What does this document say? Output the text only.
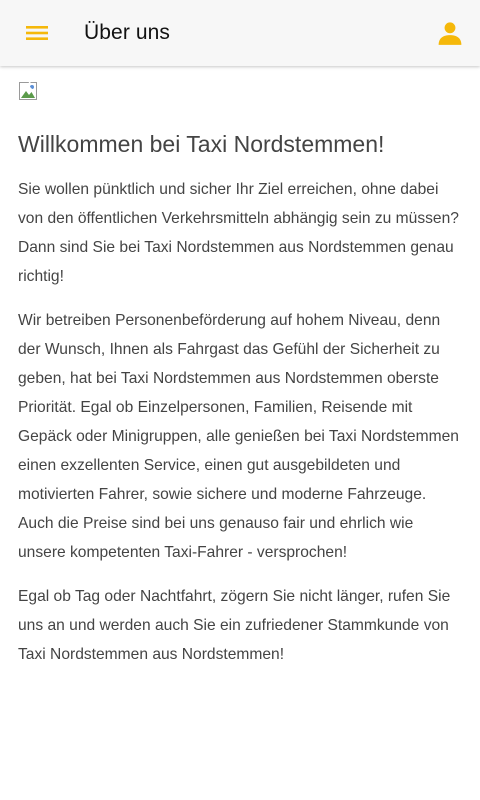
Über uns
Willkommen bei Taxi Nordstemmen!

Sie wollen pünktlich und sicher Ihr Ziel erreichen, ohne dabei von den öffentlichen Verkehrsmitteln abhängig sein zu müssen? Dann sind Sie bei Taxi Nordstemmen aus Nordstemmen genau richtig!

Wir betreiben Personenbeförderung auf hohem Niveau, denn der Wunsch, Ihnen als Fahrgast das Gefühl der Sicherheit zu geben, hat bei Taxi Nordstemmen aus Nordstemmen oberste Priorität. Egal ob Einzelpersonen, Familien, Reisende mit Gepäck oder Minigruppen, alle genießen bei Taxi Nordstemmen einen exzellenten Service, einen gut ausgebildeten und motivierten Fahrer, sowie sichere und moderne Fahrzeuge. Auch die Preise sind bei uns genauso fair und ehrlich wie unsere kompetenten Taxi-Fahrer - versprochen!

Egal ob Tag oder Nachtfahrt, zögern Sie nicht länger, rufen Sie uns an und werden auch Sie ein zufriedener Stammkunde von Taxi Nordstemmen aus Nordstemmen!
